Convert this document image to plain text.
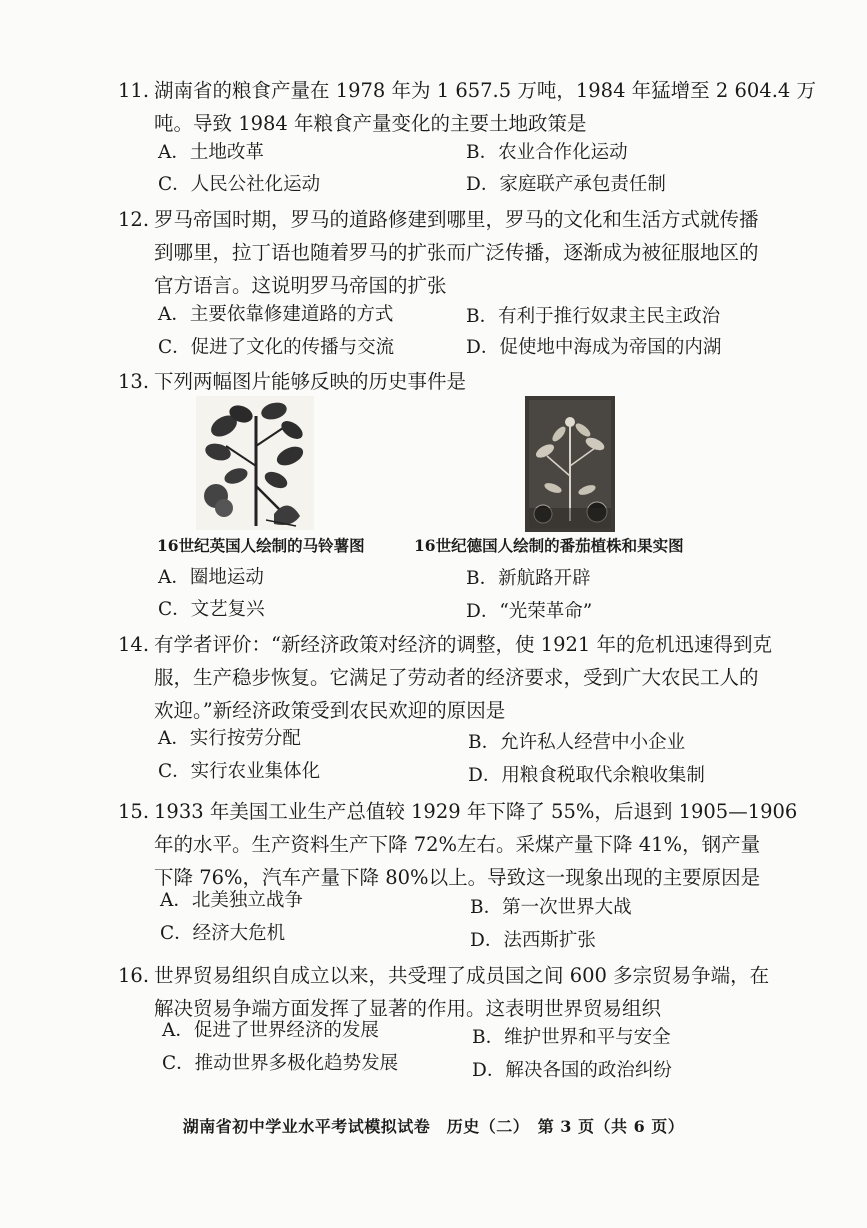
11. 湖南省的粮食产量在 1978 年为 1 657.5 万吨，1984 年猛增至 2 604.4 万
吨。导致 1984 年粮食产量变化的主要土地政策是
A．土地改革	B．农业合作化运动
C．人民公社化运动	D．家庭联产承包责任制
12. 罗马帝国时期，罗马的道路修建到哪里，罗马的文化和生活方式就传播
到哪里，拉丁语也随着罗马的扩张而广泛传播，逐渐成为被征服地区的
官方语言。这说明罗马帝国的扩张
A．主要依靠修建道路的方式	B．有利于推行奴隶主民主政治
C．促进了文化的传播与交流	D．促使地中海成为帝国的内湖
13. 下列两幅图片能够反映的历史事件是
16世纪英国人绘制的马铃薯图	16世纪德国人绘制的番茄植株和果实图
A．圈地运动	B．新航路开辟
C．文艺复兴	D．“光荣革命”
14. 有学者评价：“新经济政策对经济的调整，使 1921 年的危机迅速得到克
服，生产稳步恢复。它满足了劳动者的经济要求，受到广大农民工人的
欢迎。”新经济政策受到农民欢迎的原因是
A．实行按劳分配	B．允许私人经营中小企业
C．实行农业集体化	D．用粮食税取代余粮收集制
15. 1933 年美国工业生产总值较 1929 年下降了 55%，后退到 1905—1906
年的水平。生产资料生产下降 72%左右。采煤产量下降 41%，钢产量
下降 76%，汽车产量下降 80%以上。导致这一现象出现的主要原因是
A．北美独立战争	B．第一次世界大战
C．经济大危机	D．法西斯扩张
16. 世界贸易组织自成立以来，共受理了成员国之间 600 多宗贸易争端，在
解决贸易争端方面发挥了显著的作用。这表明世界贸易组织
A．促进了世界经济的发展	B．维护世界和平与安全
C．推动世界多极化趋势发展	D．解决各国的政治纠纷
湖南省初中学业水平考试模拟试卷　历史（二）　第 3 页（共 6 页）
